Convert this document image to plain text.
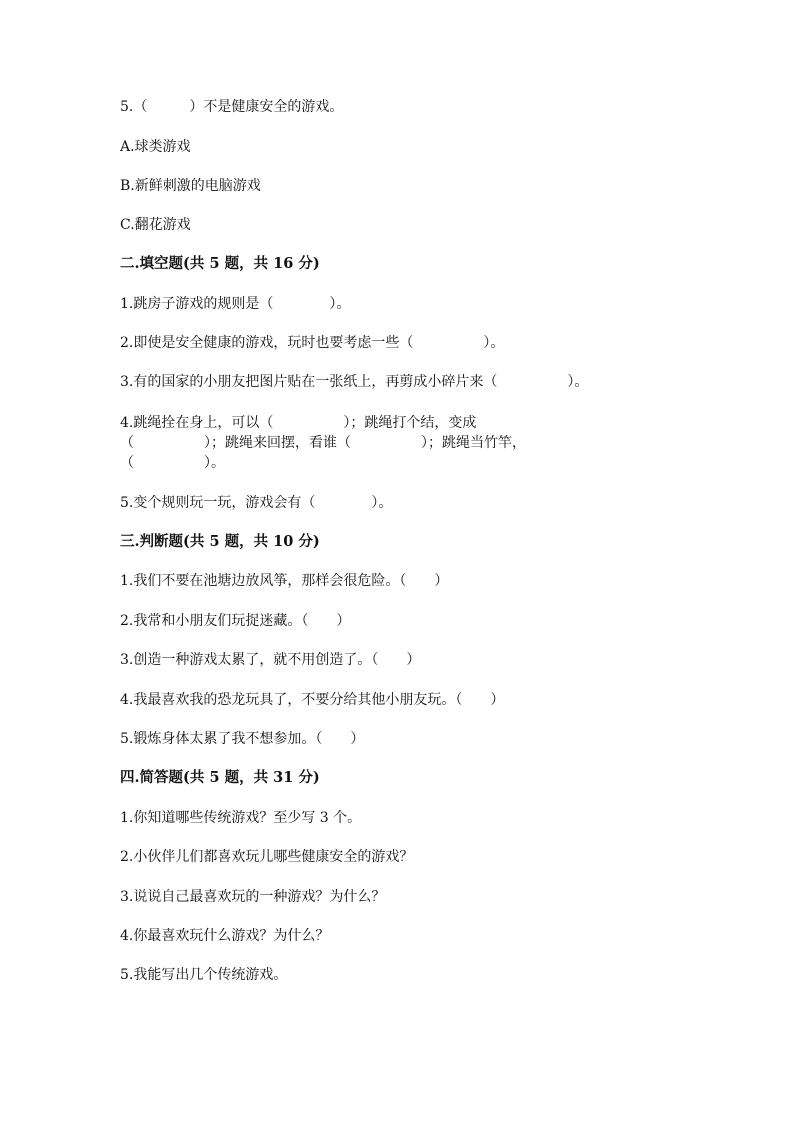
5.（　　　）不是健康安全的游戏。
A.球类游戏
B.新鲜刺激的电脑游戏
C.翻花游戏
二.填空题(共 5 题，共 16 分)
1.跳房子游戏的规则是（　　　　）。
2.即使是安全健康的游戏，玩时也要考虑一些（　　　　　）。
3.有的国家的小朋友把图片贴在一张纸上，再剪成小碎片来（　　　　　）。
4.跳绳拴在身上，可以（　　　　　）；跳绳打个结，变成
（　　　　　）；跳绳来回摆，看谁（　　　　　）；跳绳当竹竿，
（　　　　　）。
5.变个规则玩一玩，游戏会有（　　　　）。
三.判断题(共 5 题，共 10 分)
1.我们不要在池塘边放风筝，那样会很危险。（　　）
2.我常和小朋友们玩捉迷藏。（　　）
3.创造一种游戏太累了，就不用创造了。（　　）
4.我最喜欢我的恐龙玩具了，不要分给其他小朋友玩。（　　）
5.锻炼身体太累了我不想参加。（　　）
四.简答题(共 5 题，共 31 分)
1.你知道哪些传统游戏？至少写 3 个。
2.小伙伴儿们都喜欢玩儿哪些健康安全的游戏？
3.说说自己最喜欢玩的一种游戏？为什么？
4.你最喜欢玩什么游戏？为什么？
5.我能写出几个传统游戏。
